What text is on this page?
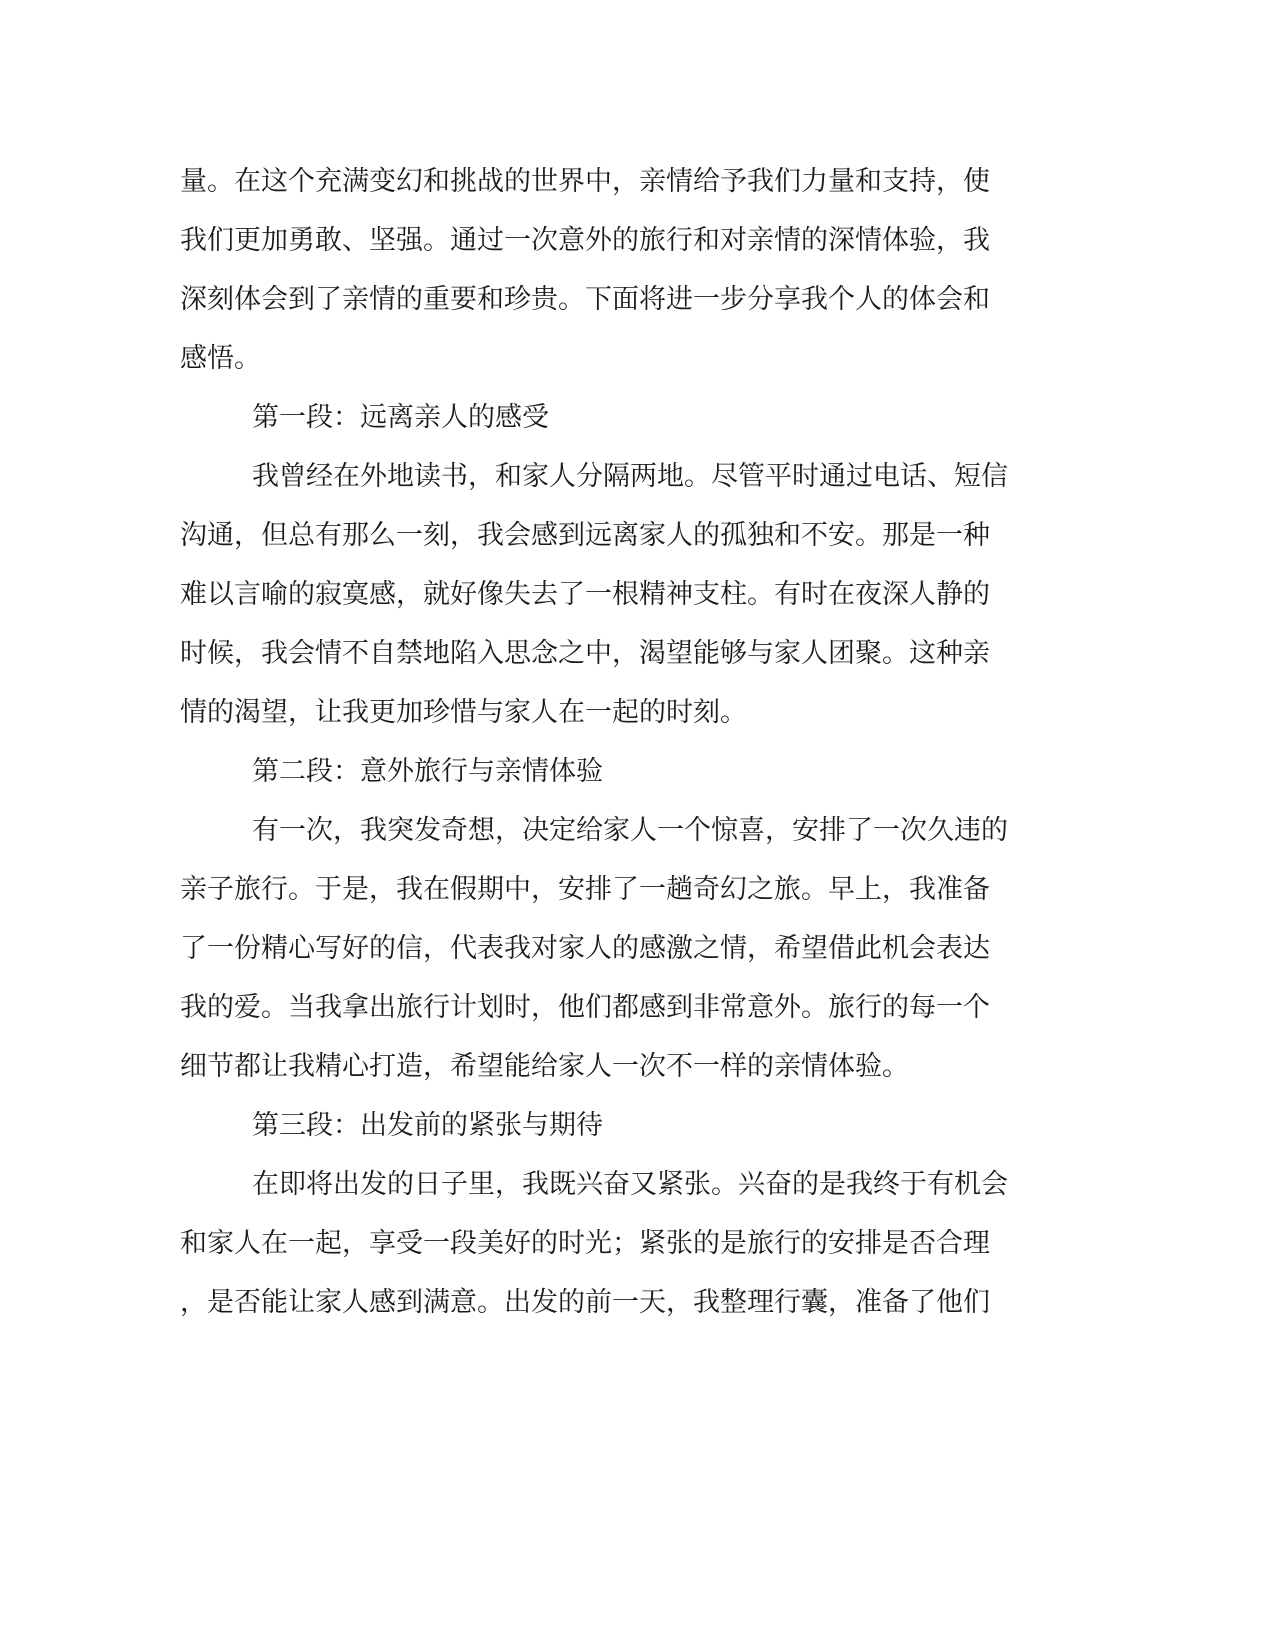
量。在这个充满变幻和挑战的世界中，亲情给予我们力量和支持，使
我们更加勇敢、坚强。通过一次意外的旅行和对亲情的深情体验，我
深刻体会到了亲情的重要和珍贵。下面将进一步分享我个人的体会和
感悟。
第一段：远离亲人的感受
我曾经在外地读书，和家人分隔两地。尽管平时通过电话、短信
沟通，但总有那么一刻，我会感到远离家人的孤独和不安。那是一种
难以言喻的寂寞感，就好像失去了一根精神支柱。有时在夜深人静的
时候，我会情不自禁地陷入思念之中，渴望能够与家人团聚。这种亲
情的渴望，让我更加珍惜与家人在一起的时刻。
第二段：意外旅行与亲情体验
有一次，我突发奇想，决定给家人一个惊喜，安排了一次久违的
亲子旅行。于是，我在假期中，安排了一趟奇幻之旅。早上，我准备
了一份精心写好的信，代表我对家人的感激之情，希望借此机会表达
我的爱。当我拿出旅行计划时，他们都感到非常意外。旅行的每一个
细节都让我精心打造，希望能给家人一次不一样的亲情体验。
第三段：出发前的紧张与期待
在即将出发的日子里，我既兴奋又紧张。兴奋的是我终于有机会
和家人在一起，享受一段美好的时光；紧张的是旅行的安排是否合理
，是否能让家人感到满意。出发的前一天，我整理行囊，准备了他们
